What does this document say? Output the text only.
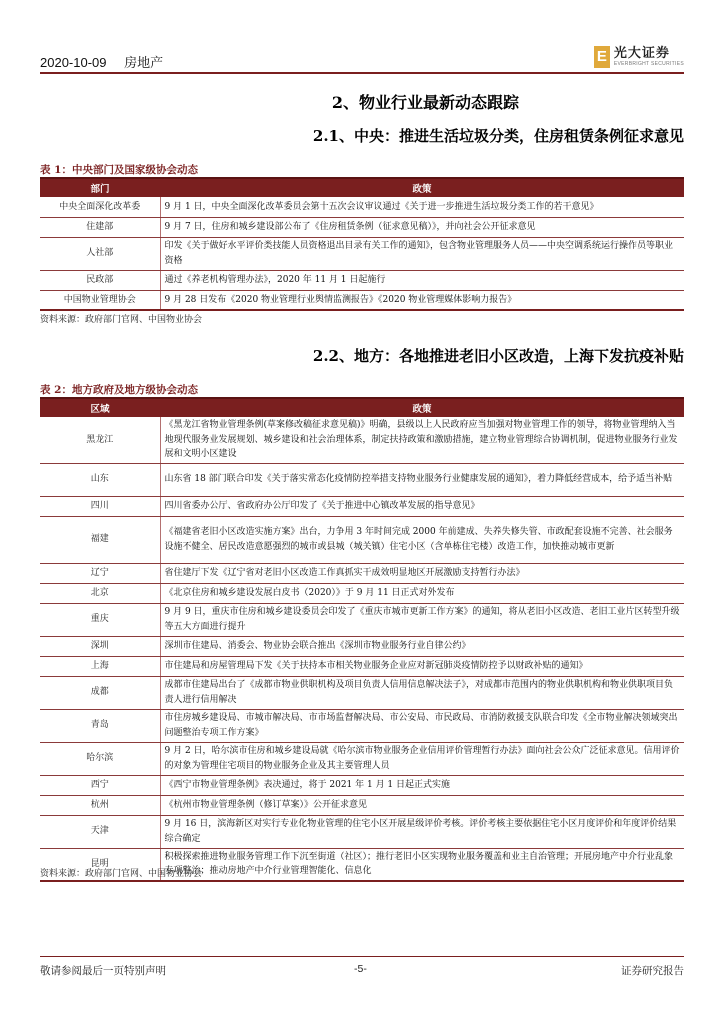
2020-10-09 房地产	E 光大证券
EVERBRIGHT SECURITIES
2、物业行业最新动态跟踪
2.1、中央：推进生活垃圾分类，住房租赁条例征求意见
表 1：中央部门及国家级协会动态
部门	政策
中央全面深化改革委	9 月 1 日，中央全面深化改革委员会第十五次会议审议通过《关于进一步推进生活垃圾分类工作的若干意见》
住建部	9 月 7 日，住房和城乡建设部公布了《住房租赁条例（征求意见稿）》，并向社会公开征求意见
人社部	印发《关于做好水平评价类技能人员资格退出目录有关工作的通知》，包含物业管理服务人员——中央空调系统运行操作员等职业资格
民政部	通过《养老机构管理办法》，2020 年 11 月 1 日起施行
中国物业管理协会	9 月 28 日发布《2020 物业管理行业舆情监测报告》《2020 物业管理媒体影响力报告》
资料来源：政府部门官网、中国物业协会
2.2、地方：各地推进老旧小区改造，上海下发抗疫补贴
表 2：地方政府及地方级协会动态
区域	政策
黑龙江	《黑龙江省物业管理条例(草案修改稿征求意见稿)》明确，县级以上人民政府应当加强对物业管理工作的领导，将物业管理纳入当地现代服务业发展规划、城乡建设和社会治理体系，制定扶持政策和激励措施，建立物业管理综合协调机制，促进物业服务行业发展和文明小区建设
山东	山东省 18 部门联合印发《关于落实常态化疫情防控举措支持物业服务行业健康发展的通知》，着力降低经营成本，给予适当补贴
四川	四川省委办公厅、省政府办公厅印发了《关于推进中心镇改革发展的指导意见》
福建	《福建省老旧小区改造实施方案》出台，力争用 3 年时间完成 2000 年前建成、失养失修失管、市政配套设施不完善、社会服务设施不健全、居民改造意愿强烈的城市或县城（城关镇）住宅小区（含单栋住宅楼）改造工作，加快推动城市更新
辽宁	省住建厅下发《辽宁省对老旧小区改造工作真抓实干成效明显地区开展激励支持暂行办法》
北京	《北京住房和城乡建设发展白皮书（2020）》于 9 月 11 日正式对外发布
重庆	9 月 9 日，重庆市住房和城乡建设委员会印发了《重庆市城市更新工作方案》的通知，将从老旧小区改造、老旧工业片区转型升级等五大方面进行提升
深圳	深圳市住建局、消委会、物业协会联合推出《深圳市物业服务行业自律公约》
上海	市住建局和房屋管理局下发《关于扶持本市相关物业服务企业应对新冠肺炎疫情防控予以财政补贴的通知》
成都	成都市住建局出台了《成都市物业供职机构及项目负责人信用信息解决法子》，对成都市范围内的物业供职机构和物业供职项目负责人进行信用解决
青岛	市住房城乡建设局、市城市解决局、市市场监督解决局、市公安局、市民政局、市消防救援支队联合印发《全市物业解决领域突出问题整治专项工作方案》
哈尔滨	9 月 2 日，哈尔滨市住房和城乡建设局就《哈尔滨市物业服务企业信用评价管理暂行办法》面向社会公众广泛征求意见。信用评价的对象为管理住宅项目的物业服务企业及其主要管理人员
西宁	《西宁市物业管理条例》表决通过，将于 2021 年 1 月 1 日起正式实施
杭州	《杭州市物业管理条例（修订草案）》公开征求意见
天津	9 月 16 日，滨海新区对实行专业化物业管理的住宅小区开展星级评价考核。评价考核主要依据住宅小区月度评价和年度评价结果综合确定
昆明	积极探索推进物业服务管理工作下沉至街道（社区）；推行老旧小区实现物业服务覆盖和业主自治管理；开展房地产中介行业乱象专项整治；推动房地产中介行业管理智能化、信息化
资料来源：政府部门官网、中国物业协会
敬请参阅最后一页特别声明	-5-	证券研究报告
